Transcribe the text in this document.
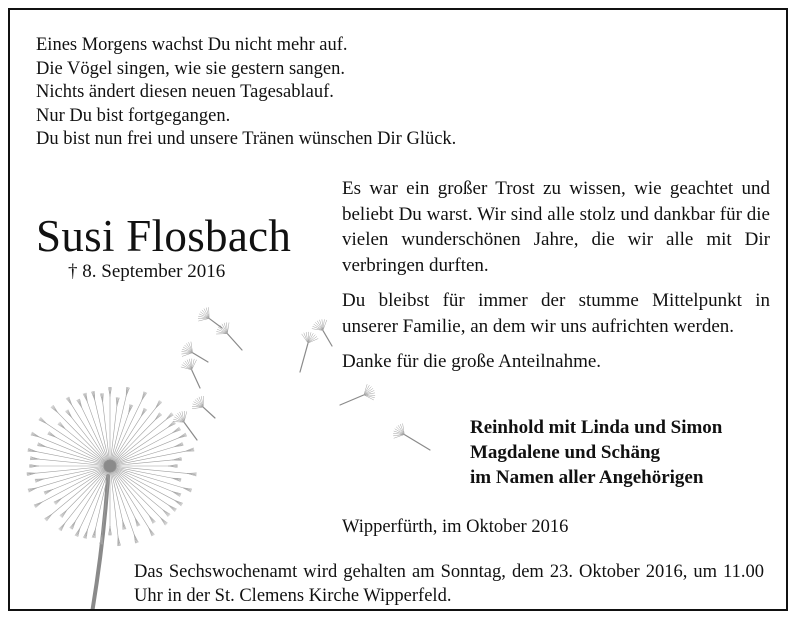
Eines Morgens wachst Du nicht mehr auf.
Die Vögel singen, wie sie gestern sangen.
Nichts ändert diesen neuen Tagesablauf.
Nur Du bist fortgegangen.
Du bist nun frei und unsere Tränen wünschen Dir Glück.
Susi Flosbach
† 8. September 2016

Es war ein großer Trost zu wissen, wie geachtet und beliebt Du warst. Wir sind alle stolz und dankbar für die vielen wunderschönen Jahre, die wir alle mit Dir verbringen durften.

Du bleibst für immer der stumme Mittelpunkt in unserer Familie, an dem wir uns aufrichten werden.

Danke für die große Anteilnahme.

Reinhold mit Linda und Simon
Magdalene und Schäng
im Namen aller Angehörigen
Wipperfürth, im Oktober 2016
Das Sechswochenamt wird gehalten am Sonntag, dem 23. Oktober 2016, um 11.00 Uhr in der St. Clemens Kirche Wipperfeld.
